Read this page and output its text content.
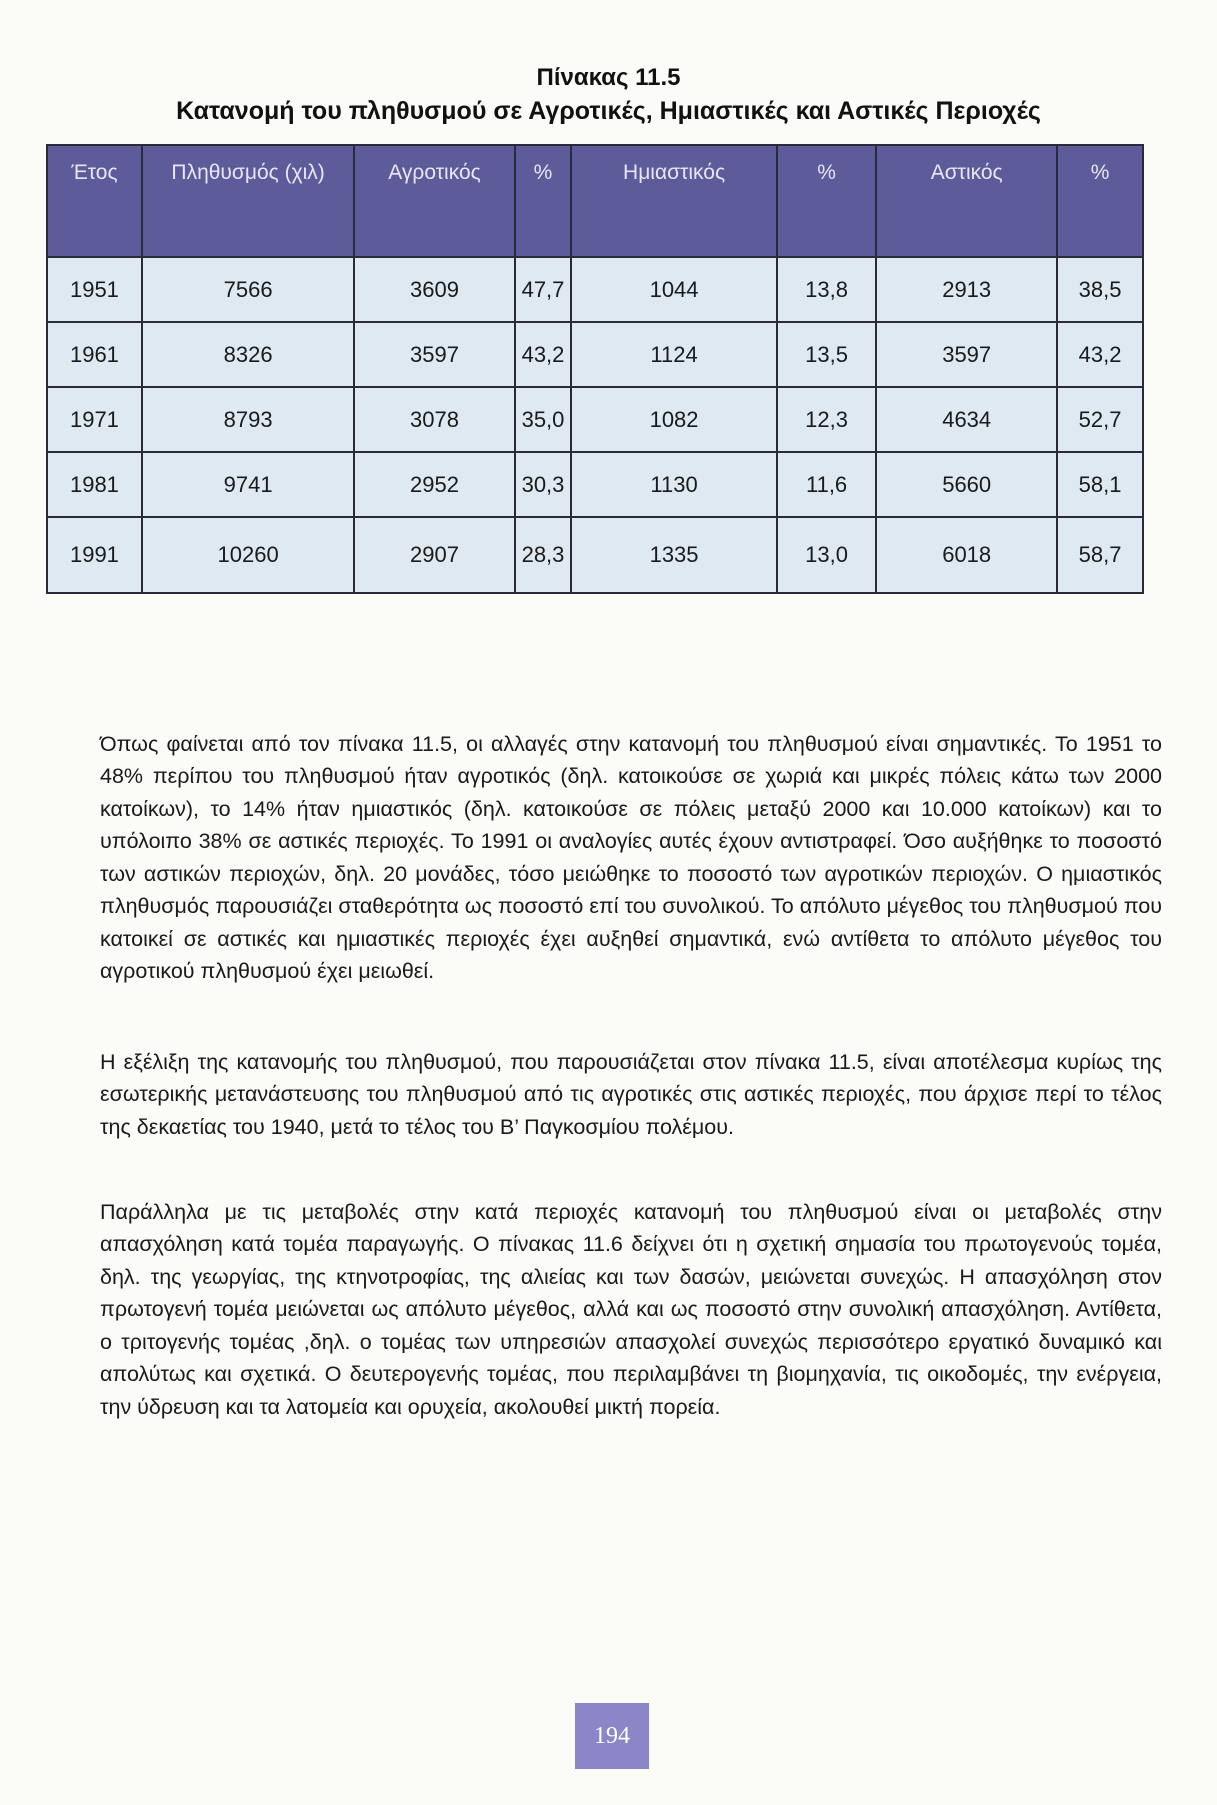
Πίνακας 11.5
Κατανομή του πληθυσμού σε Αγροτικές, Ημιαστικές και Αστικές Περιοχές
Έτος	Πληθυσμός (χιλ)	Αγροτικός	%	Ημιαστικός	%	Αστικός	%
1951	7566	3609	47,7	1044	13,8	2913	38,5
1961	8326	3597	43,2	1124	13,5	3597	43,2
1971	8793	3078	35,0	1082	12,3	4634	52,7
1981	9741	2952	30,3	1130	11,6	5660	58,1
1991	10260	2907	28,3	1335	13,0	6018	58,7

Όπως φαίνεται από τον πίνακα 11.5, οι αλλαγές στην κατανομή του πληθυσμού είναι σημαντικές. Το 1951 το 48% περίπου του πληθυσμού ήταν αγροτικός (δηλ. κατοικούσε σε χωριά και μικρές πόλεις κάτω των 2000 κατοίκων), το 14% ήταν ημιαστικός (δηλ. κατοικούσε σε πόλεις μεταξύ 2000 και 10.000 κατοίκων) και το υπόλοιπο 38% σε αστικές περιοχές. Το 1991 οι αναλογίες αυτές έχουν αντιστραφεί. Όσο αυξήθηκε το ποσοστό των αστικών περιοχών, δηλ. 20 μονάδες, τόσο μειώθηκε το ποσοστό των αγροτικών περιοχών. Ο ημιαστικός πληθυσμός παρουσιάζει σταθερότητα ως ποσοστό επί του συνολικού. Το απόλυτο μέγεθος του πληθυσμού που κατοικεί σε αστικές και ημιαστικές περιοχές έχει αυξηθεί σημαντικά, ενώ αντίθετα το απόλυτο μέγεθος του αγροτικού πληθυσμού έχει μειωθεί.

Η εξέλιξη της κατανομής του πληθυσμού, που παρουσιάζεται στον πίνακα 11.5, είναι αποτέλεσμα κυρίως της εσωτερικής μετανάστευσης του πληθυσμού από τις αγροτικές στις αστικές περιοχές, που άρχισε περί το τέλος της δεκαετίας του 1940, μετά το τέλος του Β’ Παγκοσμίου πολέμου.

Παράλληλα με τις μεταβολές στην κατά περιοχές κατανομή του πληθυσμού είναι οι μεταβολές στην απασχόληση κατά τομέα παραγωγής. Ο πίνακας 11.6 δείχνει ότι η σχετική σημασία του πρωτογενούς τομέα, δηλ. της γεωργίας, της κτηνοτροφίας, της αλιείας και των δασών, μειώνεται συνεχώς. Η απασχόληση στον πρωτογενή τομέα μειώνεται ως απόλυτο μέγεθος, αλλά και ως ποσοστό στην συνολική απασχόληση. Αντίθετα, ο τριτογενής τομέας ,δηλ. ο τομέας των υπηρεσιών απασχολεί συνεχώς περισσότερο εργατικό δυναμικό και απολύτως και σχετικά. Ο δευτερογενής τομέας, που περιλαμβάνει τη βιομηχανία, τις οικοδομές, την ενέργεια, την ύδρευση και τα λατομεία και ορυχεία, ακολουθεί μικτή πορεία.

194
